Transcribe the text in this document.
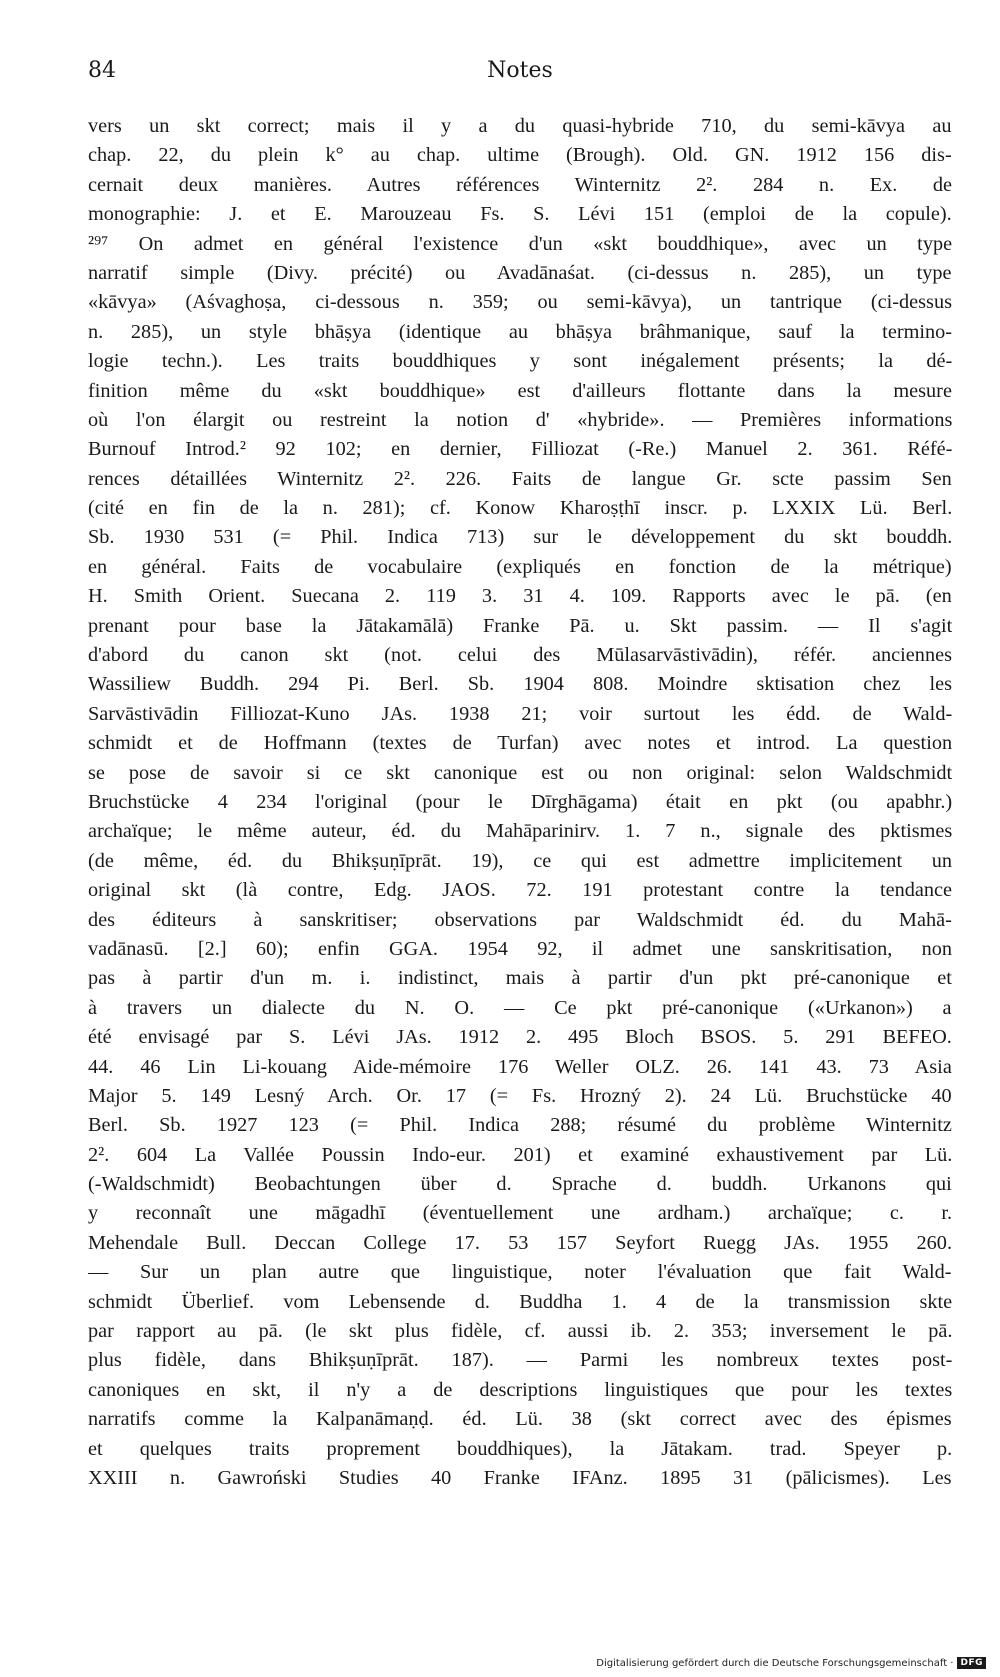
84	Notes
vers un skt correct; mais il y a du quasi-hybride 710, du semi-kāvya au
chap. 22, du plein k° au chap. ultime (Brough). Old. GN. 1912 156 dis-
cernait deux manières. Autres références Winternitz 2². 284 n. Ex. de
monographie: J. et E. Marouzeau Fs. S. Lévi 151 (emploi de la copule).
²⁹⁷ On admet en général l'existence d'un «skt bouddhique», avec un type
narratif simple (Divy. précité) ou Avadānaśat. (ci-dessus n. 285), un type
«kāvya» (Aśvaghoṣa, ci-dessous n. 359; ou semi-kāvya), un tantrique (ci-dessus
n. 285), un style bhāṣya (identique au bhāṣya brâhmanique, sauf la termino-
logie techn.). Les traits bouddhiques y sont inégalement présents; la dé-
finition même du «skt bouddhique» est d'ailleurs flottante dans la mesure
où l'on élargit ou restreint la notion d' «hybride». — Premières informations
Burnouf Introd.² 92 102; en dernier, Filliozat (-Re.) Manuel 2. 361. Réfé-
rences détaillées Winternitz 2². 226. Faits de langue Gr. scte passim Sen
(cité en fin de la n. 281); cf. Konow Kharoṣṭhī inscr. p. LXXIX Lü. Berl.
Sb. 1930 531 (= Phil. Indica 713) sur le développement du skt bouddh.
en général. Faits de vocabulaire (expliqués en fonction de la métrique)
H. Smith Orient. Suecana 2. 119 3. 31 4. 109. Rapports avec le pā. (en
prenant pour base la Jātakamālā) Franke Pā. u. Skt passim. — Il s'agit
d'abord du canon skt (not. celui des Mūlasarvāstivādin), référ. anciennes
Wassiliew Buddh. 294 Pi. Berl. Sb. 1904 808. Moindre sktisation chez les
Sarvāstivādin Filliozat-Kuno JAs. 1938 21; voir surtout les édd. de Wald-
schmidt et de Hoffmann (textes de Turfan) avec notes et introd. La question
se pose de savoir si ce skt canonique est ou non original: selon Waldschmidt
Bruchstücke 4 234 l'original (pour le Dīrghāgama) était en pkt (ou apabhr.)
archaïque; le même auteur, éd. du Mahāparinirv. 1. 7 n., signale des pktismes
(de même, éd. du Bhikṣuṇīprāt. 19), ce qui est admettre implicitement un
original skt (là contre, Edg. JAOS. 72. 191 protestant contre la tendance
des éditeurs à sanskritiser; observations par Waldschmidt éd. du Mahā-
vadānasū. [2.] 60); enfin GGA. 1954 92, il admet une sanskritisation, non
pas à partir d'un m. i. indistinct, mais à partir d'un pkt pré-canonique et
à travers un dialecte du N. O. — Ce pkt pré-canonique («Urkanon») a
été envisagé par S. Lévi JAs. 1912 2. 495 Bloch BSOS. 5. 291 BEFEO.
44. 46 Lin Li-kouang Aide-mémoire 176 Weller OLZ. 26. 141 43. 73 Asia
Major 5. 149 Lesný Arch. Or. 17 (= Fs. Hrozný 2). 24 Lü. Bruchstücke 40
Berl. Sb. 1927 123 (= Phil. Indica 288; résumé du problème Winternitz
2². 604 La Vallée Poussin Indo-eur. 201) et examiné exhaustivement par Lü.
(-Waldschmidt) Beobachtungen über d. Sprache d. buddh. Urkanons qui
y reconnaît une māgadhī (éventuellement une ardham.) archaïque; c. r.
Mehendale Bull. Deccan College 17. 53 157 Seyfort Ruegg JAs. 1955 260.
— Sur un plan autre que linguistique, noter l'évaluation que fait Wald-
schmidt Überlief. vom Lebensende d. Buddha 1. 4 de la transmission skte
par rapport au pā. (le skt plus fidèle, cf. aussi ib. 2. 353; inversement le pā.
plus fidèle, dans Bhikṣuṇīprāt. 187). — Parmi les nombreux textes post-
canoniques en skt, il n'y a de descriptions linguistiques que pour les textes
narratifs comme la Kalpanāmaṇḍ. éd. Lü. 38 (skt correct avec des épismes
et quelques traits proprement bouddhiques), la Jātakam. trad. Speyer p.
XXIII n. Gawroński Studies 40 Franke IFAnz. 1895 31 (pālicismes). Les
Digitalisierung gefördert durch die Deutsche Forschungsgemeinschaft · DFG
